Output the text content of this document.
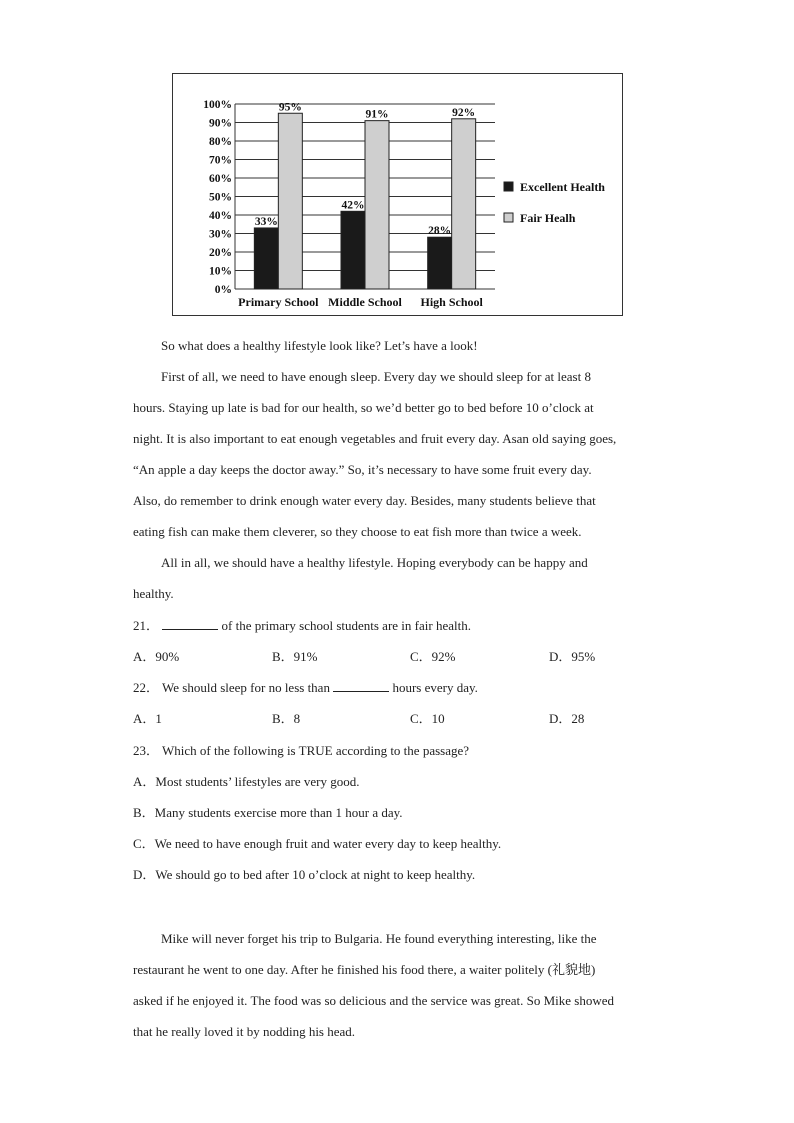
0%
10%
20%
30%
40%
50%
60%
70%
80%
90%
100%
33%
95%
Primary School
42%
91%
Middle School
28%
92%
High School
Excellent Health
Fair Healh
So what does a healthy lifestyle look like? Let’s have a look!
First of all, we need to have enough sleep. Every day we should sleep for at least 8
hours. Staying up late is bad for our health, so we’d better go to bed before 10 o’clock at
night. It is also important to eat enough vegetables and fruit every day. Asan old saying goes,
“An apple a day keeps the doctor away.” So, it’s necessary to have some fruit every day.
Also, do remember to drink enough water every day. Besides, many students believe that
eating fish can make them cleverer, so they choose to eat fish more than twice a week.
All in all, we should have a healthy lifestyle. Hoping everybody can be happy and
healthy.
21．	of the primary school students are in fair health.
A．90%	B．91%	C．92%	D．95%
22． We should sleep for no less than	hours every day.
A．1	B．8	C．10	D．28
23． Which of the following is TRUE according to the passage?
A．Most students’ lifestyles are very good.
B．Many students exercise more than 1 hour a day.
C．We need to have enough fruit and water every day to keep healthy.
D．We should go to bed after 10 o’clock at night to keep healthy.
Mike will never forget his trip to Bulgaria. He found everything interesting, like the
restaurant he went to one day. After he finished his food there, a waiter politely (礼貌地)
asked if he enjoyed it. The food was so delicious and the service was great. So Mike showed
that he really loved it by nodding his head.
